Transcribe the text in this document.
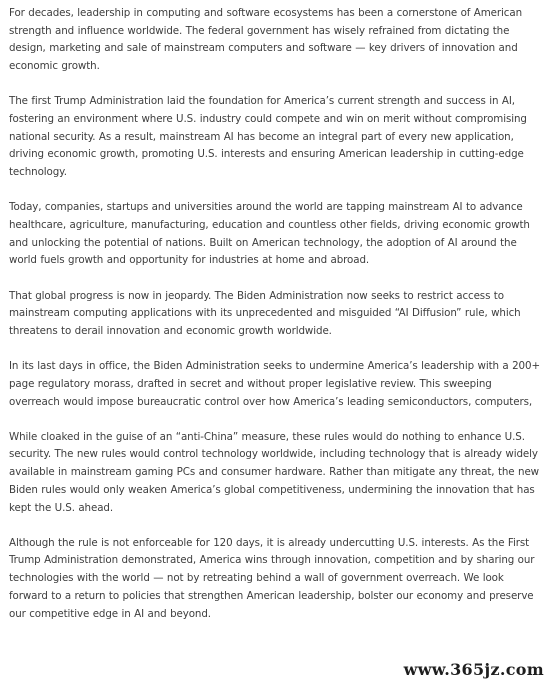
For decades, leadership in computing and software ecosystems has been a cornerstone of American strength and influence worldwide. The federal government has wisely refrained from dictating the design, marketing and sale of mainstream computers and software — key drivers of innovation and economic growth.

The first Trump Administration laid the foundation for America’s current strength and success in AI, fostering an environment where U.S. industry could compete and win on merit without compromising national security. As a result, mainstream AI has become an integral part of every new application, driving economic growth, promoting U.S. interests and ensuring American leadership in cutting-edge technology.

Today, companies, startups and universities around the world are tapping mainstream AI to advance healthcare, agriculture, manufacturing, education and countless other fields, driving economic growth and unlocking the potential of nations. Built on American technology, the adoption of AI around the world fuels growth and opportunity for industries at home and abroad.

That global progress is now in jeopardy. The Biden Administration now seeks to restrict access to mainstream computing applications with its unprecedented and misguided “AI Diffusion” rule, which threatens to derail innovation and economic growth worldwide.

In its last days in office, the Biden Administration seeks to undermine America’s leadership with a 200+ page regulatory morass, drafted in secret and without proper legislative review. This sweeping overreach would impose bureaucratic control over how America’s leading semiconductors, computers,

While cloaked in the guise of an “anti-China” measure, these rules would do nothing to enhance U.S. security. The new rules would control technology worldwide, including technology that is already widely available in mainstream gaming PCs and consumer hardware. Rather than mitigate any threat, the new Biden rules would only weaken America’s global competitiveness, undermining the innovation that has kept the U.S. ahead.

Although the rule is not enforceable for 120 days, it is already undercutting U.S. interests. As the First Trump Administration demonstrated, America wins through innovation, competition and by sharing our technologies with the world — not by retreating behind a wall of government overreach. We look forward to a return to policies that strengthen American leadership, bolster our economy and preserve our competitive edge in AI and beyond.

www.365jz.com
